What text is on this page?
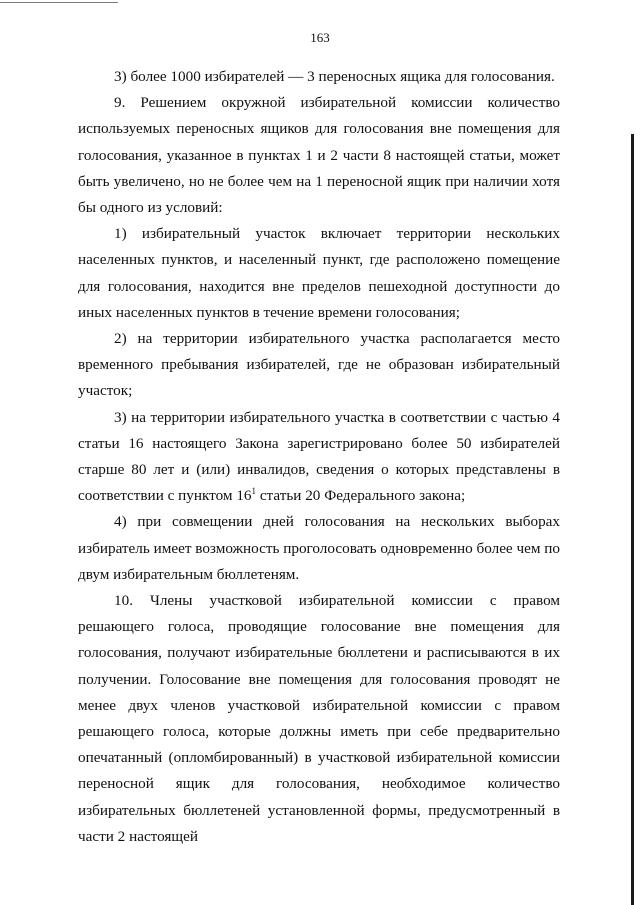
163

3) более 1000 избирателей — 3 переносных ящика для голосования.

9. Решением окружной избирательной комиссии количество используемых переносных ящиков для голосования вне помещения для голосования, указанное в пунктах 1 и 2 части 8 настоящей статьи, может быть увеличено, но не более чем на 1 переносной ящик при наличии хотя бы одного из условий:

1) избирательный участок включает территории нескольких населенных пунктов, и населенный пункт, где расположено помещение для голосования, находится вне пределов пешеходной доступности до иных населенных пунктов в течение времени голосования;

2) на территории избирательного участка располагается место временного пребывания избирателей, где не образован избирательный участок;

3) на территории избирательного участка в соответствии с частью 4 статьи 16 настоящего Закона зарегистрировано более 50 избирателей старше 80 лет и (или) инвалидов, сведения о которых представлены в соответствии с пунктом $16^1$ статьи 20 Федерального закона;

4) при совмещении дней голосования на нескольких выборах избиратель имеет возможность проголосовать одновременно более чем по двум избирательным бюллетеням.

10. Члены участковой избирательной комиссии с правом решающего голоса, проводящие голосование вне помещения для голосования, получают избирательные бюллетени и расписываются в их получении. Голосование вне помещения для голосования проводят не менее двух членов участковой избирательной комиссии с правом решающего голоса, которые должны иметь при себе предварительно опечатанный (опломбированный) в участковой избирательной комиссии переносной ящик для голосования, необходимое количество избирательных бюллетеней установленной формы, предусмотренный в части 2 настоящей
